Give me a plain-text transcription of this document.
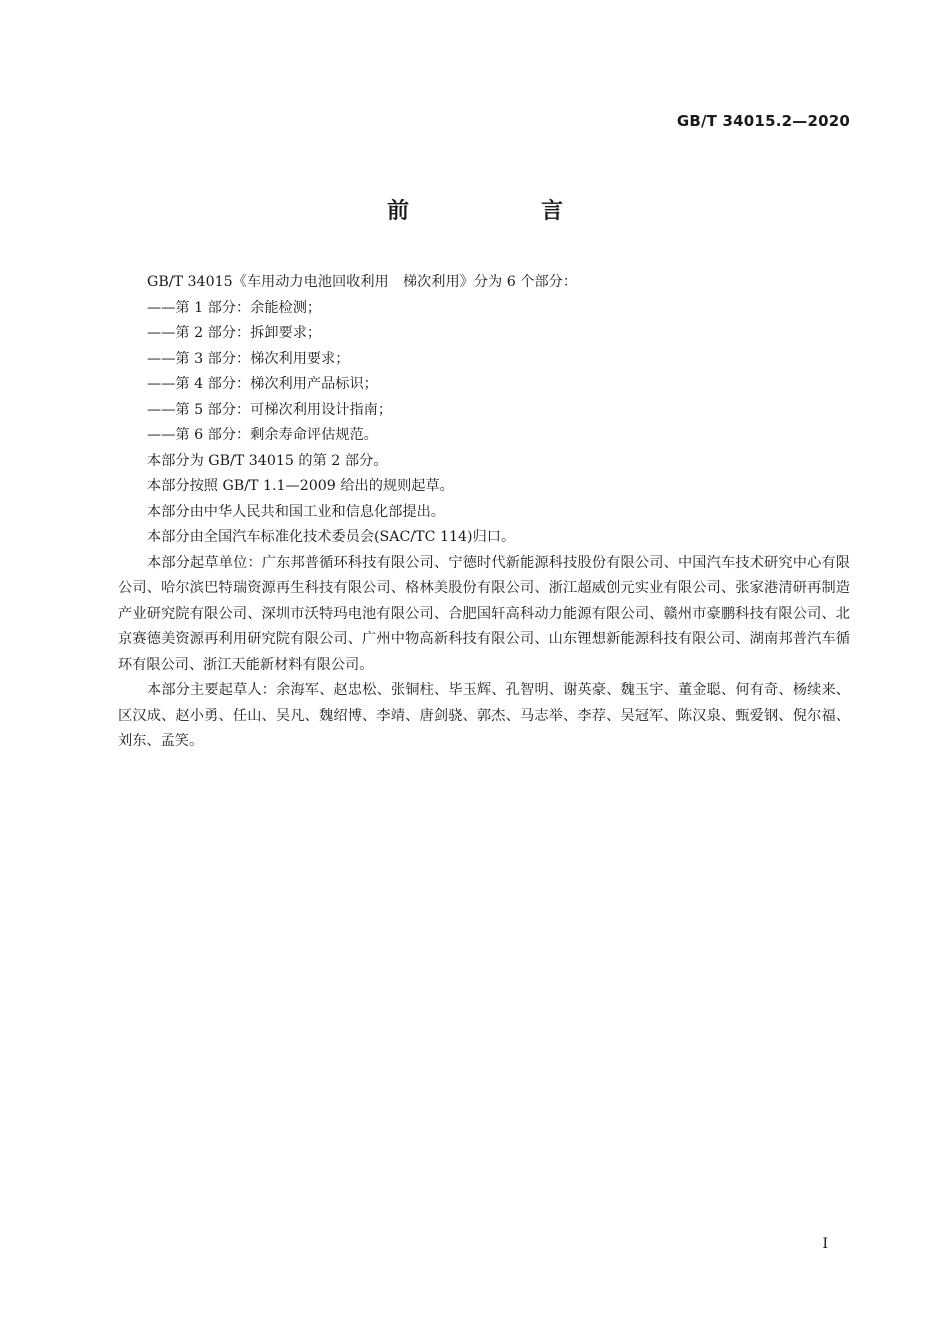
GB/T 34015.2—2020
前　言

GB/T 34015《车用动力电池回收利用　梯次利用》分为 6 个部分：

——第 1 部分：余能检测；

——第 2 部分：拆卸要求；

——第 3 部分：梯次利用要求；

——第 4 部分：梯次利用产品标识；

——第 5 部分：可梯次利用设计指南；

——第 6 部分：剩余寿命评估规范。

本部分为 GB/T 34015 的第 2 部分。

本部分按照 GB/T 1.1—2009 给出的规则起草。

本部分由中华人民共和国工业和信息化部提出。

本部分由全国汽车标准化技术委员会(SAC/TC 114)归口。

本部分起草单位：广东邦普循环科技有限公司、宁德时代新能源科技股份有限公司、中国汽车技术研究中心有限公司、哈尔滨巴特瑞资源再生科技有限公司、格林美股份有限公司、浙江超威创元实业有限公司、张家港清研再制造产业研究院有限公司、深圳市沃特玛电池有限公司、合肥国轩高科动力能源有限公司、赣州市豪鹏科技有限公司、北京赛德美资源再利用研究院有限公司、广州中物高新科技有限公司、山东锂想新能源科技有限公司、湖南邦普汽车循环有限公司、浙江天能新材料有限公司。

本部分主要起草人：余海军、赵忠松、张铜柱、毕玉辉、孔智明、谢英豪、魏玉宇、董金聪、何有奇、杨续来、区汉成、赵小勇、任山、吴凡、魏绍博、李靖、唐剑骁、郭杰、马志举、李荐、吴冠军、陈汉泉、甄爱钢、倪尔福、刘东、孟笑。

I
